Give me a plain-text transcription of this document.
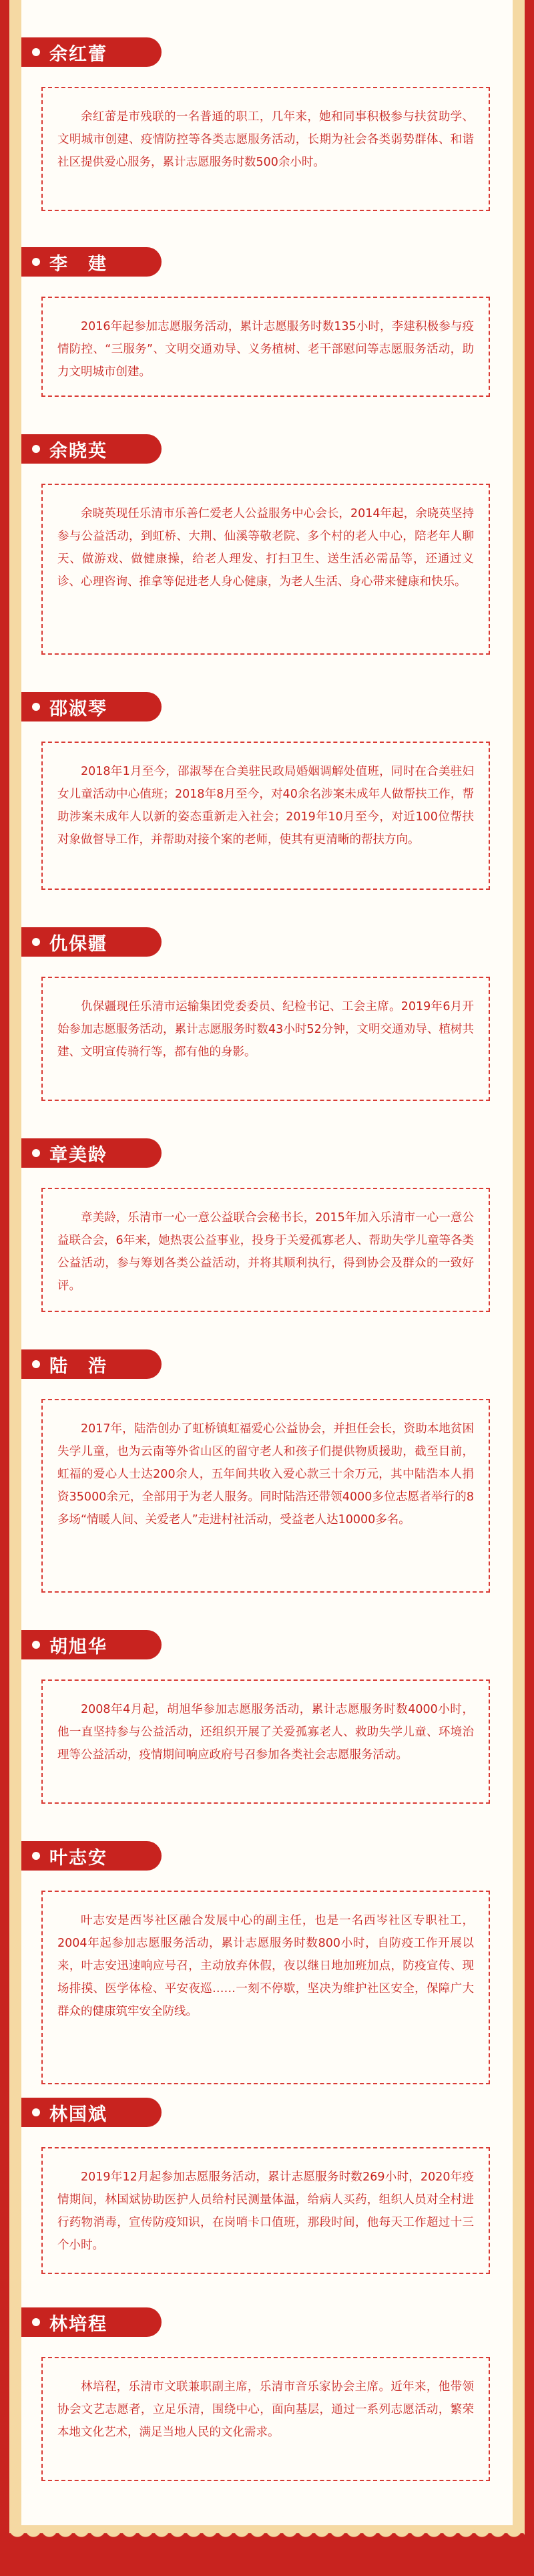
余红蕾

余红蕾是市残联的一名普通的职工，几年来，她和同事积极参与扶贫助学、文明城市创建、疫情防控等各类志愿服务活动，长期为社会各类弱势群体、和谐社区提供爱心服务，累计志愿服务时数500余小时。

李　建

2016年起参加志愿服务活动，累计志愿服务时数135小时，李建积极参与疫情防控、“三服务”、文明交通劝导、义务植树、老干部慰问等志愿服务活动，助力文明城市创建。

余晓英

余晓英现任乐清市乐善仁爱老人公益服务中心会长，2014年起，余晓英坚持参与公益活动，到虹桥、大荆、仙溪等敬老院、多个村的老人中心，陪老年人聊天、做游戏、做健康操，给老人理发、打扫卫生、送生活必需品等，还通过义诊、心理咨询、推拿等促进老人身心健康，为老人生活、身心带来健康和快乐。

邵淑琴

2018年1月至今，邵淑琴在合美驻民政局婚姻调解处值班，同时在合美驻妇女儿童活动中心值班；2018年8月至今，对40余名涉案未成年人做帮扶工作，帮助涉案未成年人以新的姿态重新走入社会；2019年10月至今，对近100位帮扶对象做督导工作，并帮助对接个案的老师，使其有更清晰的帮扶方向。

仇保疆

仇保疆现任乐清市运输集团党委委员、纪检书记、工会主席。2019年6月开始参加志愿服务活动，累计志愿服务时数43小时52分钟，文明交通劝导、植树共建、文明宣传骑行等，都有他的身影。

章美龄

章美龄，乐清市一心一意公益联合会秘书长，2015年加入乐清市一心一意公益联合会，6年来，她热衷公益事业，投身于关爱孤寡老人、帮助失学儿童等各类公益活动，参与筹划各类公益活动，并将其顺利执行，得到协会及群众的一致好评。

陆　浩

2017年，陆浩创办了虹桥镇虹福爱心公益协会，并担任会长，资助本地贫困失学儿童，也为云南等外省山区的留守老人和孩子们提供物质援助，截至目前，虹福的爱心人士达200余人，五年间共收入爱心款三十余万元，其中陆浩本人捐资35000余元，全部用于为老人服务。同时陆浩还带领4000多位志愿者举行的8多场“情暖人间、关爱老人”走进村社活动，受益老人达10000多名。

胡旭华

2008年4月起，胡旭华参加志愿服务活动，累计志愿服务时数4000小时，他一直坚持参与公益活动，还组织开展了关爱孤寡老人、救助失学儿童、环境治理等公益活动，疫情期间响应政府号召参加各类社会志愿服务活动。

叶志安

叶志安是西岑社区融合发展中心的副主任，也是一名西岑社区专职社工，2004年起参加志愿服务活动，累计志愿服务时数800小时，自防疫工作开展以来，叶志安迅速响应号召，主动放弃休假，夜以继日地加班加点，防疫宣传、现场排摸、医学体检、平安夜巡……一刻不停歇，坚决为维护社区安全，保障广大群众的健康筑牢安全防线。

林国斌

2019年12月起参加志愿服务活动，累计志愿服务时数269小时，2020年疫情期间，林国斌协助医护人员给村民测量体温，给病人买药，组织人员对全村进行药物消毒，宣传防疫知识，在岗哨卡口值班，那段时间，他每天工作超过十三个小时。

林培程

林培程，乐清市文联兼职副主席，乐清市音乐家协会主席。近年来，他带领协会文艺志愿者，立足乐清，围绕中心，面向基层，通过一系列志愿活动，繁荣本地文化艺术，满足当地人民的文化需求。
